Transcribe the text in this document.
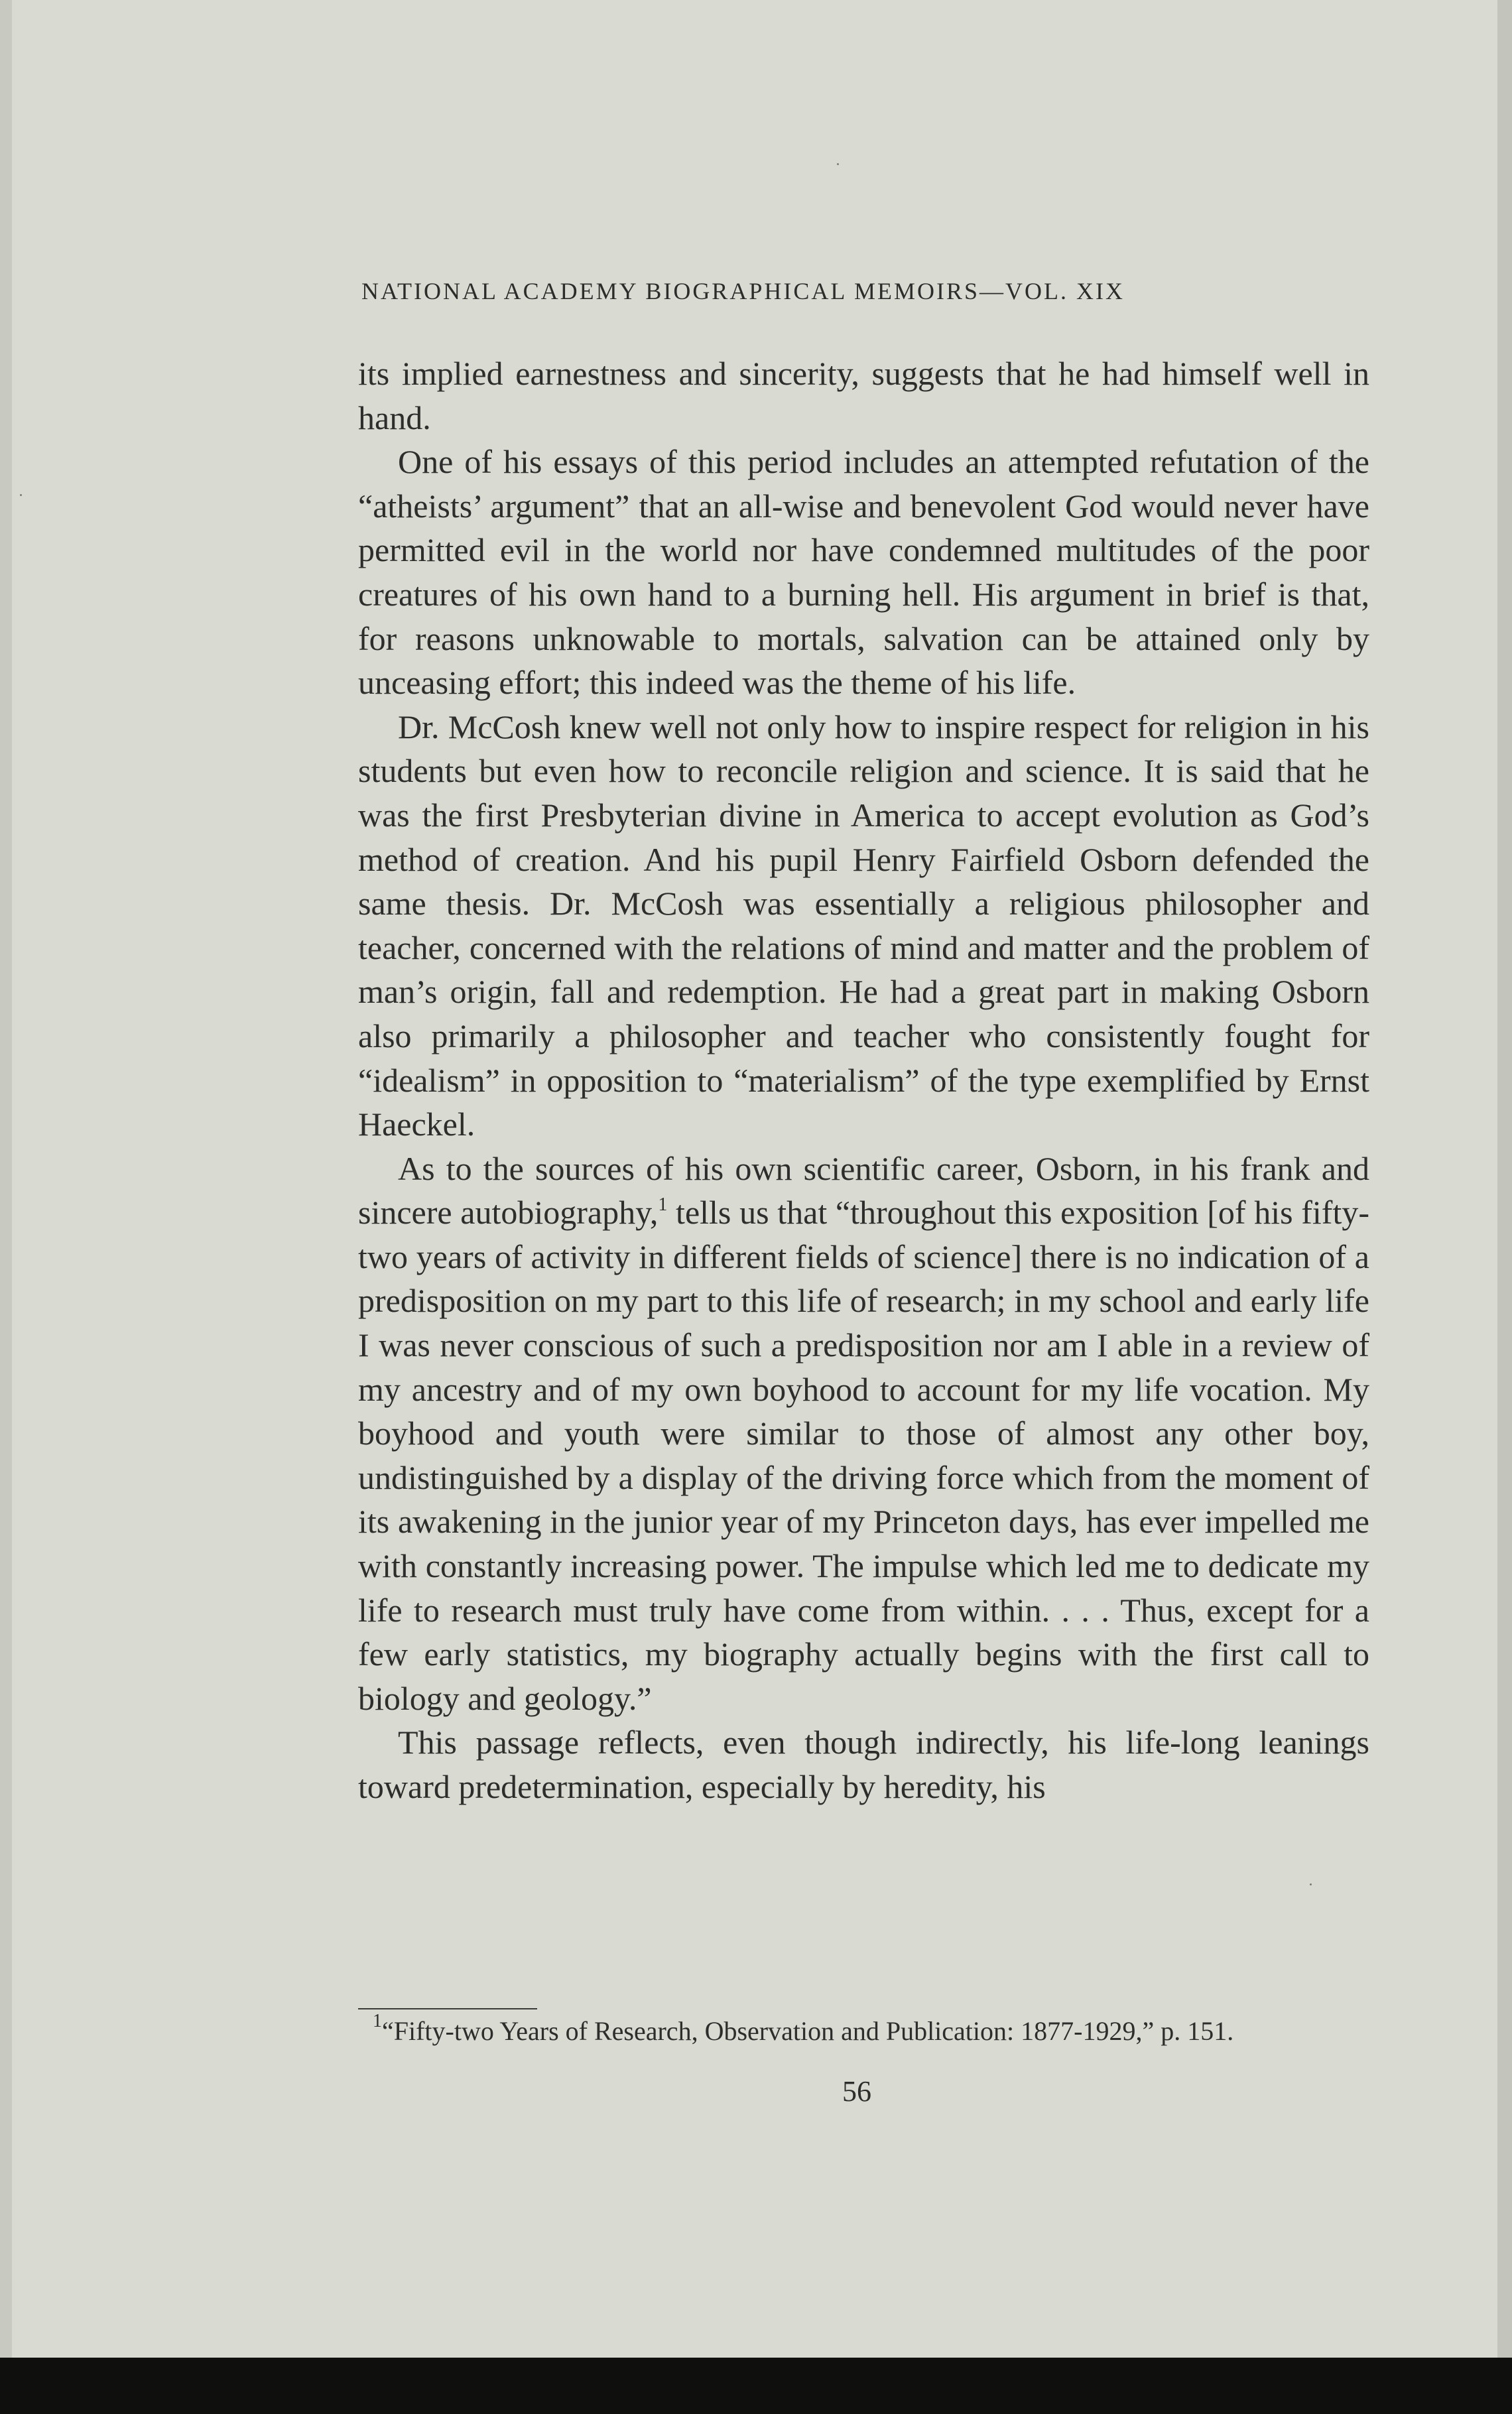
NATIONAL ACADEMY BIOGRAPHICAL MEMOIRS—VOL. XIX

its implied earnestness and sincerity, suggests that he had himself well in hand.

One of his essays of this period includes an attempted refutation of the “atheists’ argument” that an all-wise and benevolent God would never have permitted evil in the world nor have condemned multitudes of the poor creatures of his own hand to a burning hell. His argument in brief is that, for reasons unknowable to mortals, salvation can be attained only by unceasing effort; this indeed was the theme of his life.

Dr. McCosh knew well not only how to inspire respect for religion in his students but even how to reconcile religion and science. It is said that he was the first Presbyterian divine in America to accept evolution as God’s method of creation. And his pupil Henry Fairfield Osborn defended the same thesis. Dr. McCosh was essentially a religious philosopher and teacher, concerned with the relations of mind and matter and the problem of man’s origin, fall and redemption. He had a great part in making Osborn also primarily a philosopher and teacher who consistently fought for “idealism” in opposition to “materialism” of the type exemplified by Ernst Haeckel.

As to the sources of his own scientific career, Osborn, in his frank and sincere autobiography,$^1$ tells us that “throughout this exposition [of his fifty-two years of activity in different fields of science] there is no indication of a predisposition on my part to this life of research; in my school and early life I was never conscious of such a predisposition nor am I able in a review of my ancestry and of my own boyhood to account for my life vocation. My boyhood and youth were similar to those of almost any other boy, undistinguished by a display of the driving force which from the moment of its awakening in the junior year of my Princeton days, has ever impelled me with constantly increasing power. The impulse which led me to dedicate my life to research must truly have come from within. . . . Thus, except for a few early statistics, my biography actually begins with the first call to biology and geology.”

This passage reflects, even though indirectly, his life-long leanings toward predetermination, especially by heredity, his

$^1$“Fifty-two Years of Research, Observation and Publication: 1877-1929,” p. 151.
56
